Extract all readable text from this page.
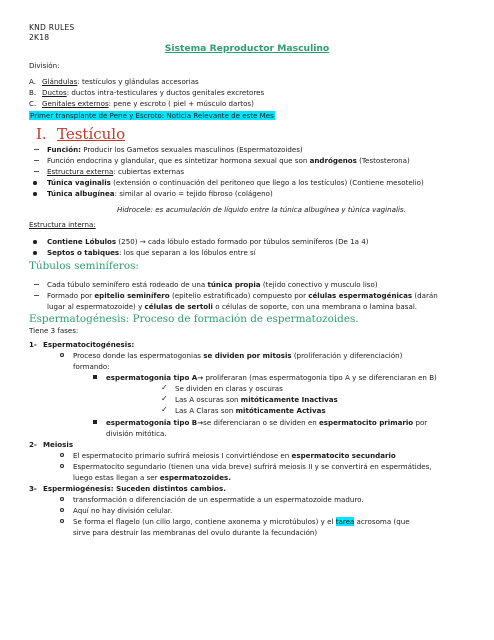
KND RULES
2K18
Sistema Reproductor Masculino
División:
A. Glándulas: testículos y glándulas accesorias
B. Ductos: ductos intra-testiculares y ductos genitales excretores
C. Genitales externos: pene y escroto ( piel + músculo dartos)
Primer transplante de Pene y Escroto: Noticia Relevante de este Mes
I. Testículo
Función: Producir los Gametos sexuales masculinos (Espermatozoides)
Función endocrina y glandular, que es sintetizar hormona sexual que son andrógenos (Testosterona)
Estructura externa: cubiertas externas
Túnica vaginalis (extensión o continuación del peritoneo que llego a los testículos) (Contiene mesotelio)
Túnica albugínea: similar al ovario = tejido fibroso (colágeno)
Hidrocele: es acumulación de líquido entre la túnica albugínea y túnica vaginalis.
Estructura interna:
Contiene Lóbulos (250) → cada lóbulo estado formado por túbulos seminíferos (De 1a 4)
Septos o tabiques: los que separan a los lóbulos entre sí
Túbulos seminíferos:
Cada túbulo seminífero está rodeado de una túnica propia (tejido conectivo y musculo liso)
Formado por epitelio seminífero (epitelio estratificado) compuesto por células espermatogénicas (darán
lugar al espermatozoide) y células de sertoli o células de soporte, con una membrana o lamina basal.
Espermatogénesis: Proceso de formación de espermatozoides.
Tiene 3 fases:
1- Espermatocitogénesis:
Proceso donde las espermatogonias se dividen por mitosis (proliferación y diferenciación)
formando:
espermatogonia tipo A→ proliferaran (mas espermatogonia tipo A y se diferenciaran en B)
✓ Se dividen en claras y oscuras
✓ Las A oscuras son mitóticamente Inactivas
✓ Las A Claras son mitóticamente Activas
espermatogonia tipo B→se diferenciaran o se dividen en espermatocito primario por
división mitótica.
2- Meiosis
El espermatocito primario sufrirá meiosis I convirtiéndose en espermatocito secundario
Espermatocito segundario (tienen una vida breve) sufrirá meiosis II y se convertirá en espermátides,
luego estas llegan a ser espermatozoides.
3- Espermiogénesis: Suceden distintos cambios.
transformación o diferenciación de un espermatide a un espermatozoide maduro.
Aquí no hay división celular.
Se forma el flagelo (un cilio largo, contiene axonema y microtúbulos) y el tarea acrosoma (que
sirve para destruir las membranas del ovulo durante la fecundación)
